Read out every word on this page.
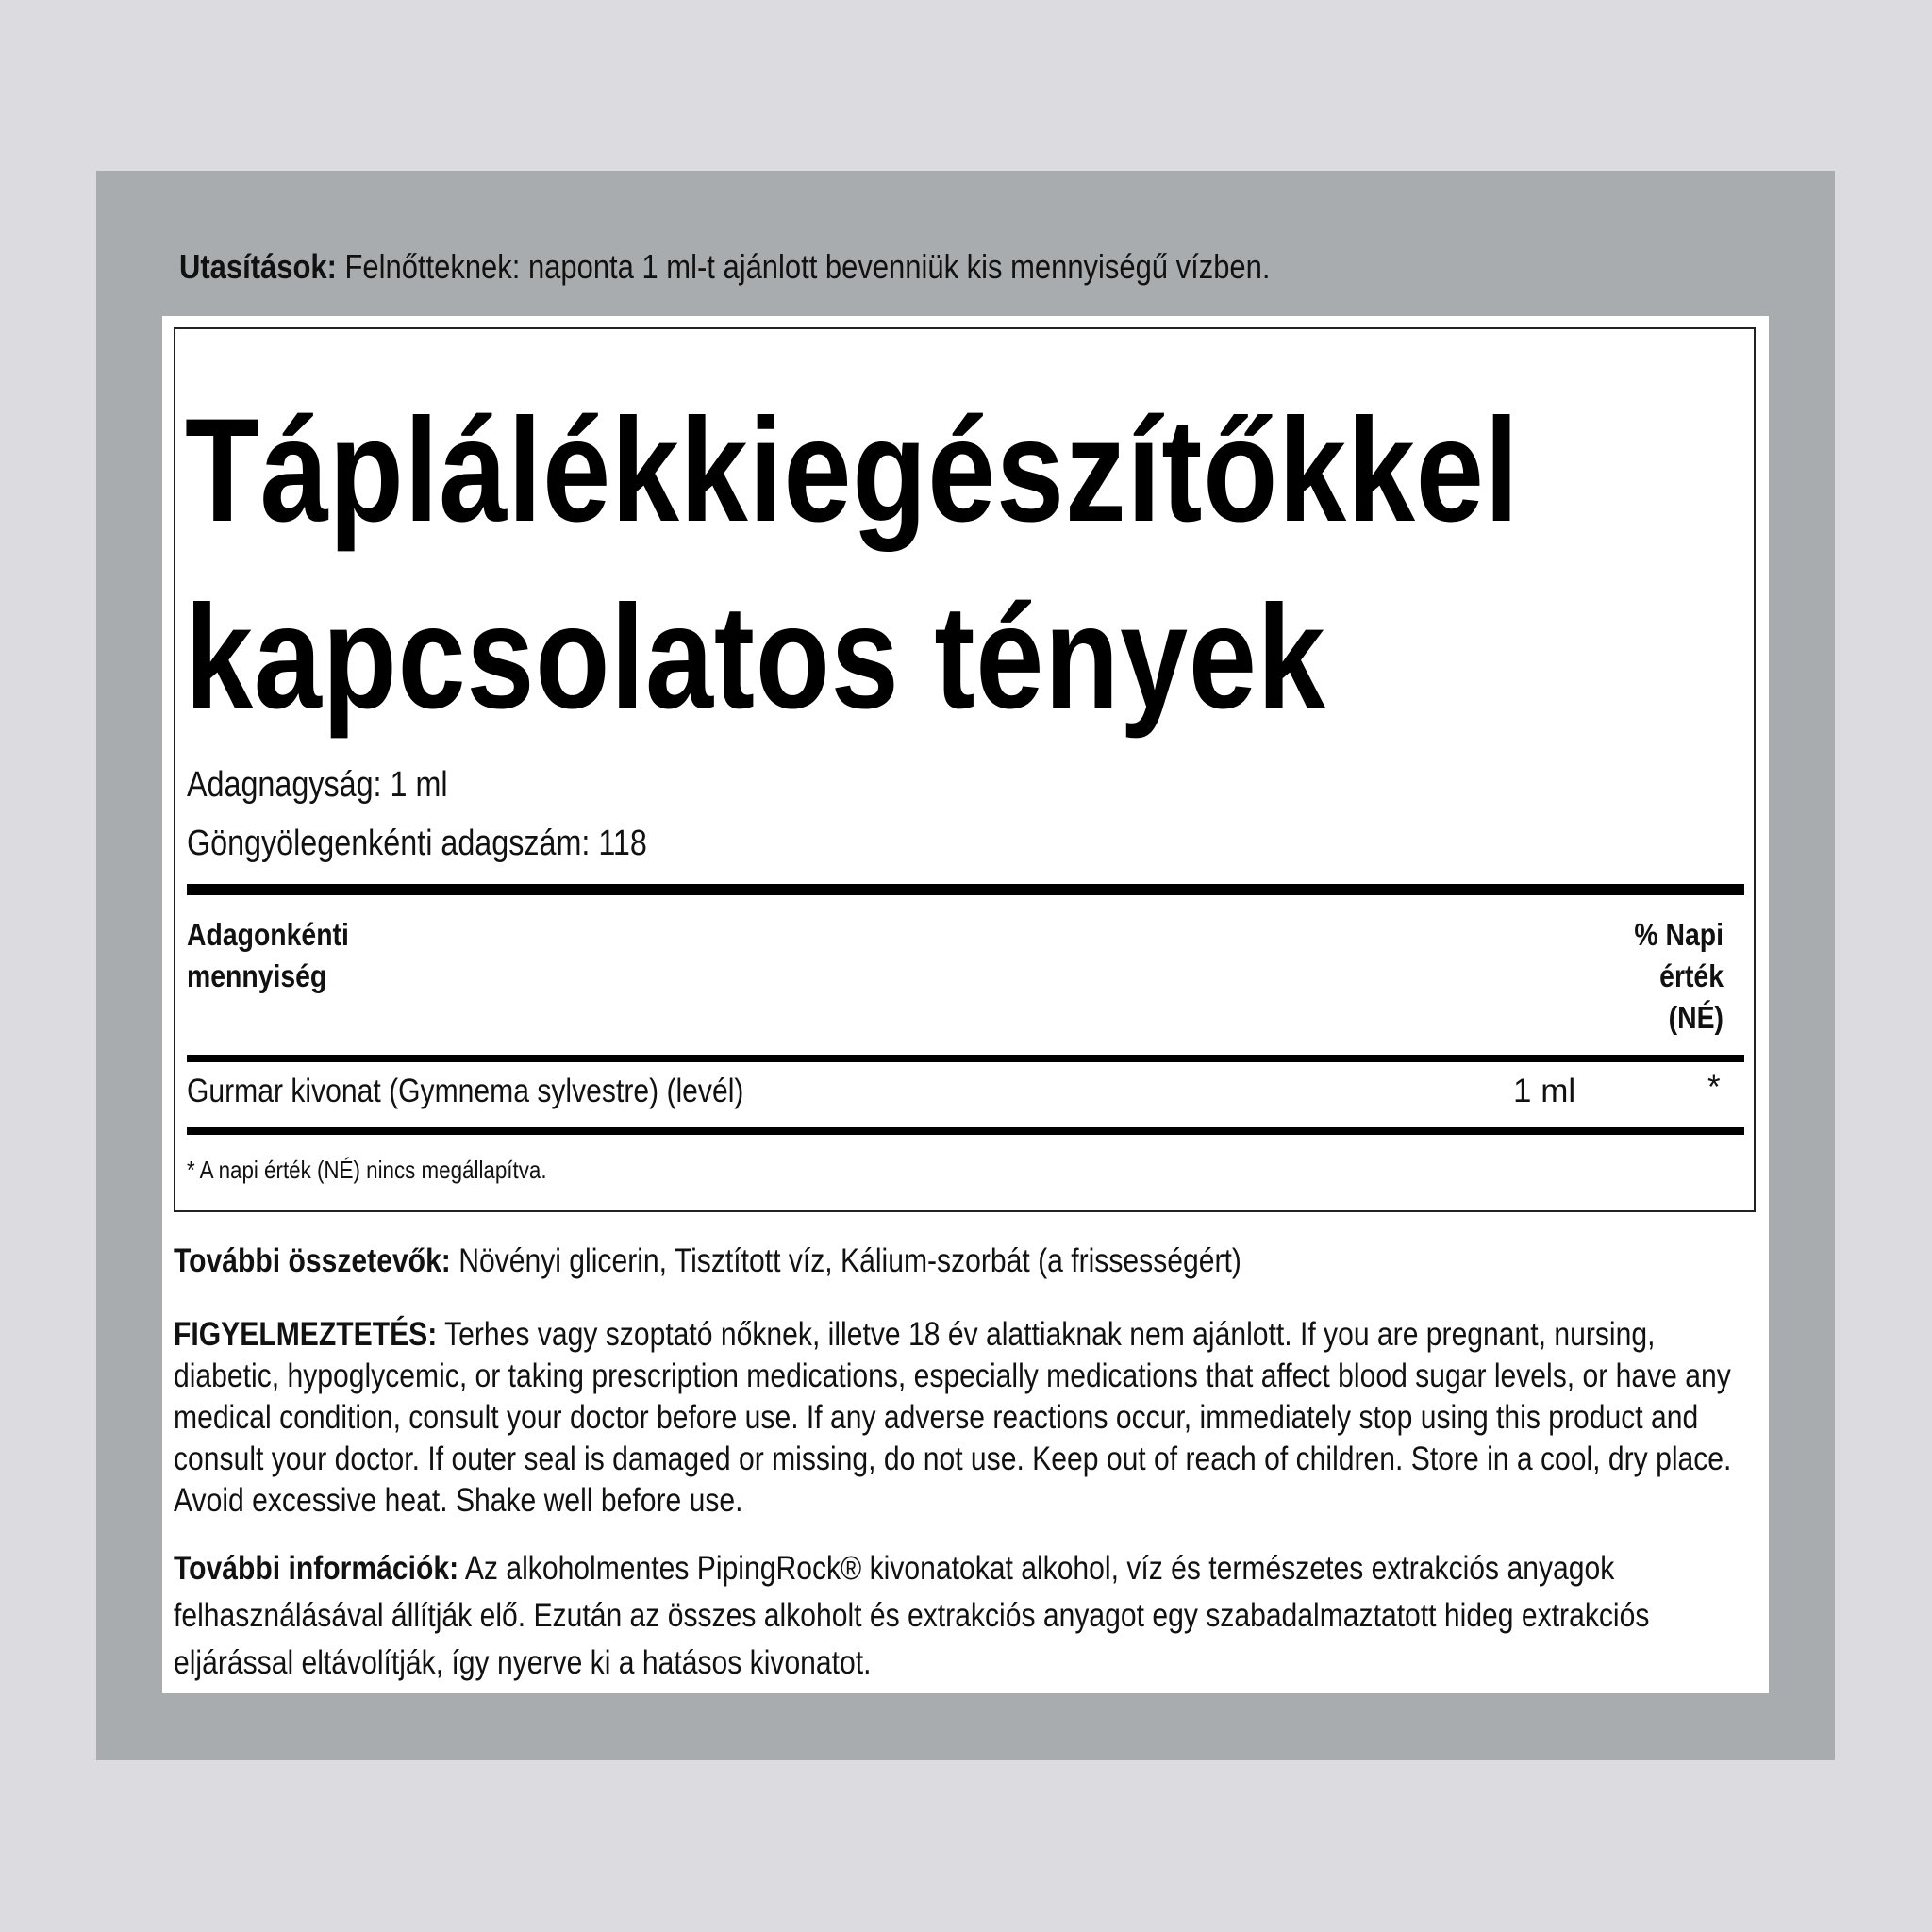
Utasítások: Felnőtteknek: naponta 1 ml-t ajánlott bevenniük kis mennyiségű vízben.
Táplálékkiegészítőkkel
kapcsolatos tények
Adagnagyság: 1 ml
Göngyölegenkénti adagszám: 118
Adagonkénti
mennyiség
% Napi
érték
(NÉ)
Gurmar kivonat (Gymnema sylvestre) (levél)	1 ml	*
* A napi érték (NÉ) nincs megállapítva.
További összetevők: Növényi glicerin, Tisztított víz, Kálium-szorbát (a frissességért)
FIGYELMEZTETÉS: Terhes vagy szoptató nőknek, illetve 18 év alattiaknak nem ajánlott. If you are pregnant, nursing, diabetic, hypoglycemic, or taking prescription medications, especially medications that affect blood sugar levels, or have any medical condition, consult your doctor before use. If any adverse reactions occur, immediately stop using this product and consult your doctor. If outer seal is damaged or missing, do not use. Keep out of reach of children. Store in a cool, dry place. Avoid excessive heat. Shake well before use.
További információk: Az alkoholmentes PipingRock® kivonatokat alkohol, víz és természetes extrakciós anyagok felhasználásával állítják elő. Ezután az összes alkoholt és extrakciós anyagot egy szabadalmaztatott hideg extrakciós eljárással eltávolítják, így nyerve ki a hatásos kivonatot.
